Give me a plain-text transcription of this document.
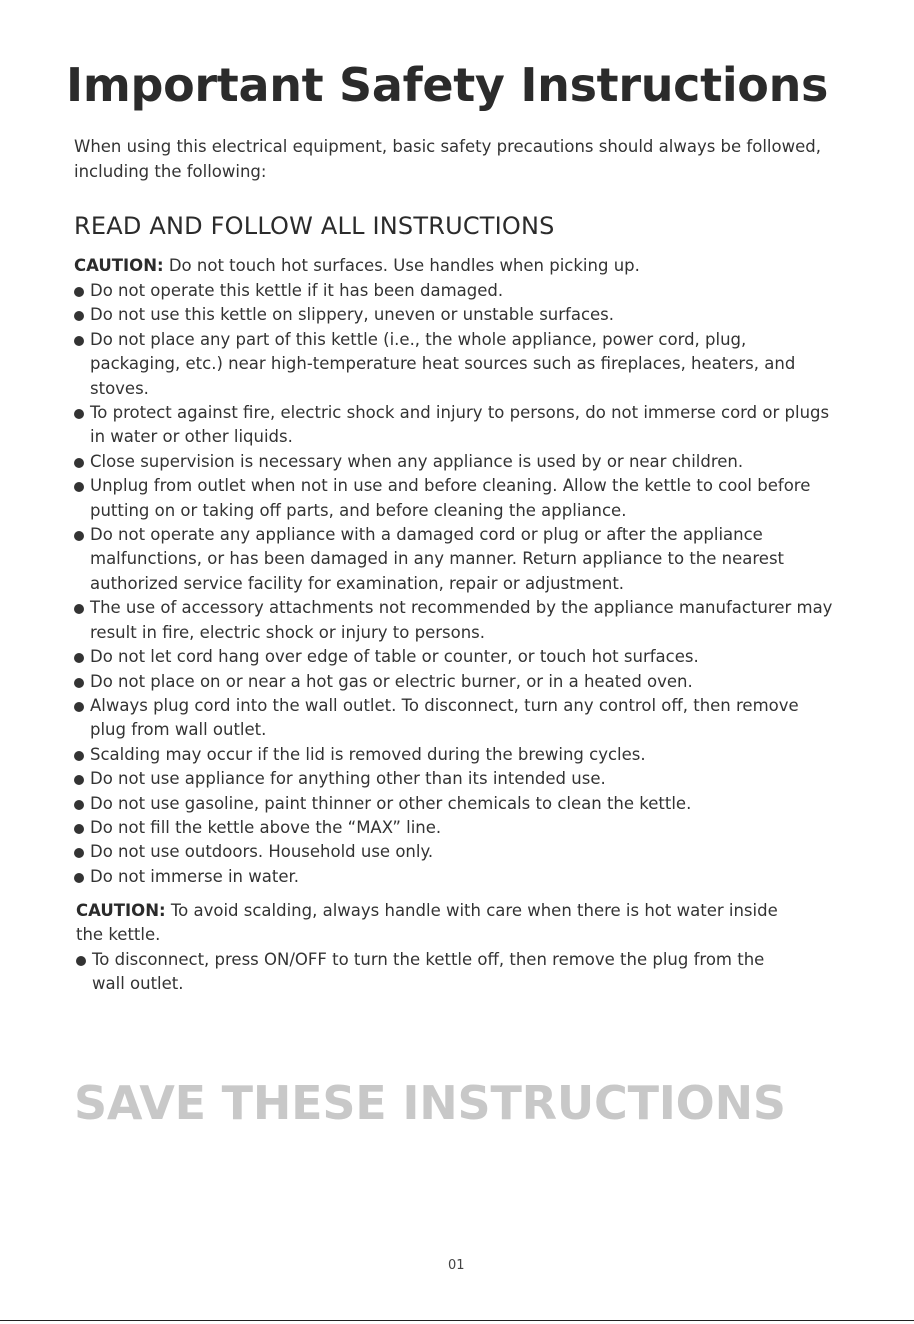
Important Safety Instructions

When using this electrical equipment, basic safety precautions should always be followed, including the following:

READ AND FOLLOW ALL INSTRUCTIONS

CAUTION: Do not touch hot surfaces. Use handles when picking up.

Do not operate this kettle if it has been damaged.
Do not use this kettle on slippery, uneven or unstable surfaces.
Do not place any part of this kettle (i.e., the whole appliance, power cord, plug, packaging, etc.) near high-temperature heat sources such as fireplaces, heaters, and stoves.
To protect against fire, electric shock and injury to persons, do not immerse cord or plugs in water or other liquids.
Close supervision is necessary when any appliance is used by or near children.
Unplug from outlet when not in use and before cleaning. Allow the kettle to cool before putting on or taking off parts, and before cleaning the appliance.
Do not operate any appliance with a damaged cord or plug or after the appliance malfunctions, or has been damaged in any manner. Return appliance to the nearest authorized service facility for examination, repair or adjustment.
The use of accessory attachments not recommended by the appliance manufacturer may result in fire, electric shock or injury to persons.
Do not let cord hang over edge of table or counter, or touch hot surfaces.
Do not place on or near a hot gas or electric burner, or in a heated oven.
Always plug cord into the wall outlet. To disconnect, turn any control off, then remove plug from wall outlet.
Scalding may occur if the lid is removed during the brewing cycles.
Do not use appliance for anything other than its intended use.
Do not use gasoline, paint thinner or other chemicals to clean the kettle.
Do not fill the kettle above the “MAX” line.
Do not use outdoors. Household use only.
Do not immerse in water.

CAUTION: To avoid scalding, always handle with care when there is hot water inside the kettle.

To disconnect, press ON/OFF to turn the kettle off, then remove the plug from the wall outlet.
SAVE THESE INSTRUCTIONS
01
